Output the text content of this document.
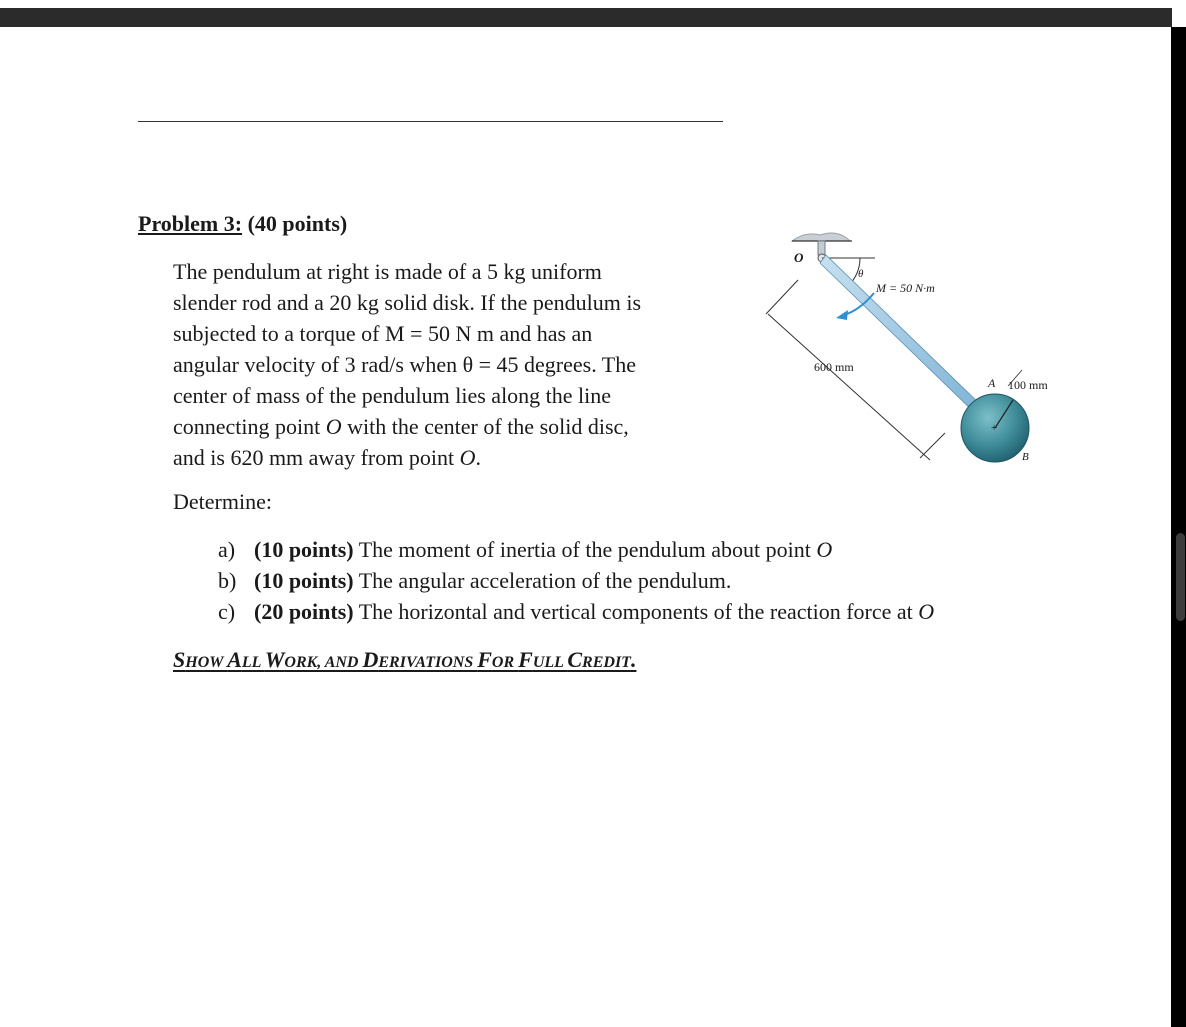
Problem 3: (40 points)
The pendulum at right is made of a 5 kg uniform
slender rod and a 20 kg solid disk. If the pendulum is
subjected to a torque of M = 50 N m and has an
angular velocity of 3 rad/s when θ = 45 degrees. The
center of mass of the pendulum lies along the line
connecting point O with the center of the solid disc,
and is 620 mm away from point O.
Determine:
a) (10 points) The moment of inertia of the pendulum about point O
b) (10 points) The angular acceleration of the pendulum.
c) (20 points) The horizontal and vertical components of the reaction force at O
SHOW ALL WORK, AND DERIVATIONS FOR FULL CREDIT.
+
O
θ
M = 50 N·m
600 mm
A 100 mm
B
